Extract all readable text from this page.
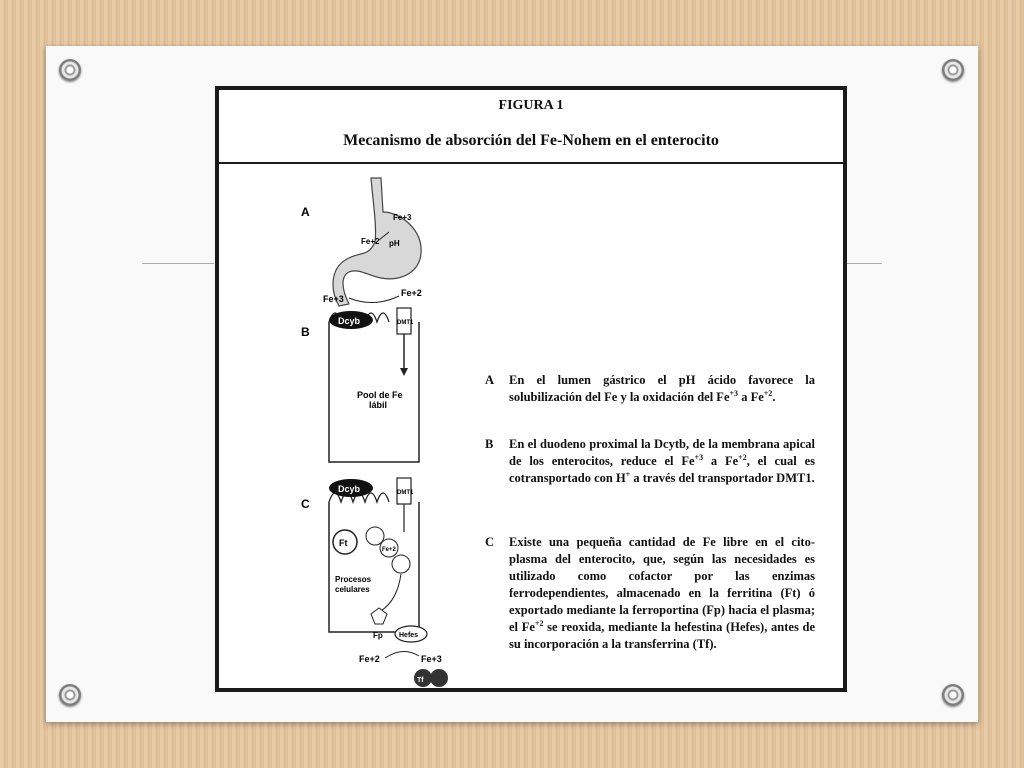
FIGURA 1
Mecanismo de absorción del Fe-Nohem en el enterocito
A	Fe+3
Fe+2 pH
B
Fe+3
Fe+2
Dcyb	DMT1
Pool de Fe
lábil
C
Dcyb	DMT1
Ft
Fe+2
Procesos
celulares
Fp Hefes
Fe+2	Fe+3
Tf
A En el lumen gástrico el pH ácido favorece la solubilización del Fe y la oxidación del $Fe^{+3}$ a $Fe^{+2}$.
B En el duodeno proximal la Dcytb, de la membrana apical de los enterocitos, reduce el $Fe^{+3}$ a $Fe^{+2}$, el cual es cotransportado con H+ a través del transportador DMT1.
C Existe una pequeña cantidad de Fe libre en el cito-plasma del enterocito, que, según las necesidades es utilizado como cofactor por las enzimas ferrodependientes, almacenado en la ferritina (Ft) ó exportado mediante la ferroportina (Fp) hacia el plasma; el $Fe^{+2}$ se reoxida, mediante la hefestina (Hefes), antes de su incorporación a la transferrina (Tf).
